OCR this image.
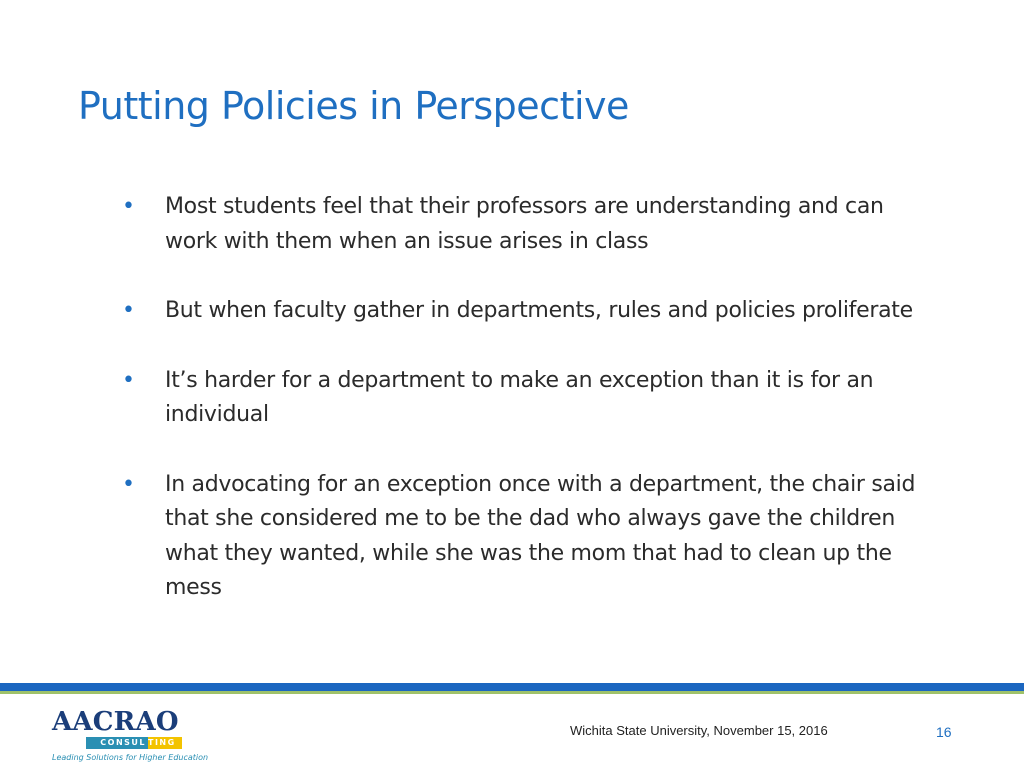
Putting Policies in Perspective
• Most students feel that their professors are understanding and can work with them when an issue arises in class
• But when faculty gather in departments, rules and policies proliferate
• It’s harder for a department to make an exception than it is for an individual
• In advocating for an exception once with a department, the chair said that she considered me to be the dad who always gave the children what they wanted, while she was the mom that had to clean up the mess
AACRAO
CONSUL TING
Leading Solutions for Higher Education
Wichita State University, November 15, 2016	16
